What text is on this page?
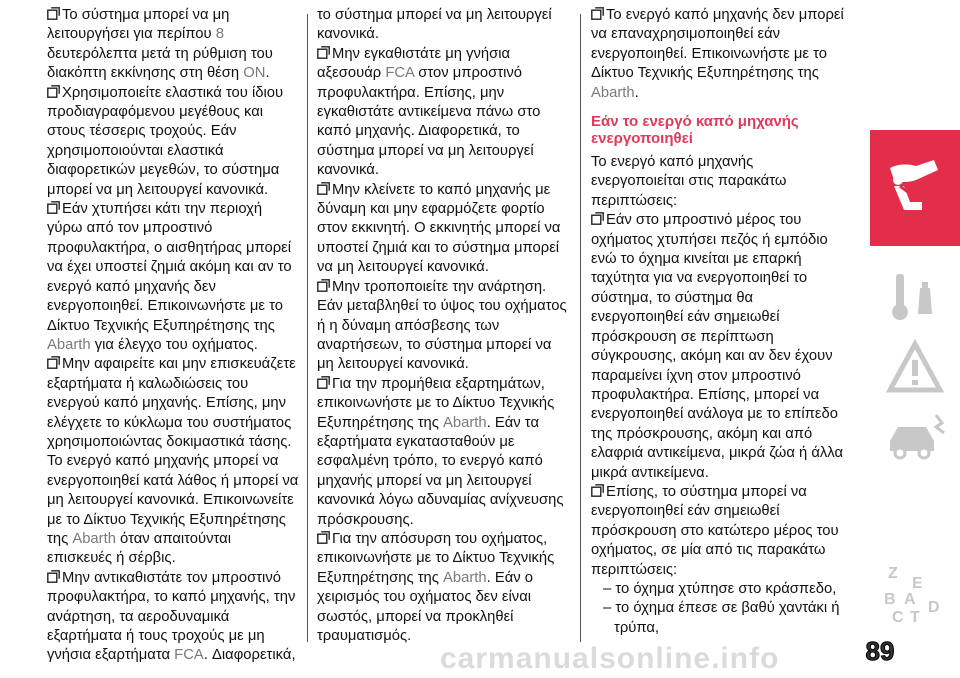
Το σύστημα μπορεί να μη λειτουργήσει για περίπου 8 δευτερόλεπτα μετά τη ρύθμιση του διακόπτη εκκίνησης στη θέση ON.

Χρησιμοποιείτε ελαστικά του ίδιου προδιαγραφόμενου μεγέθους και στους τέσσερις τροχούς. Εάν χρησιμοποιούνται ελαστικά διαφορετικών μεγεθών, το σύστημα μπορεί να μη λειτουργεί κανονικά.

Εάν χτυπήσει κάτι την περιοχή γύρω από τον μπροστινό προφυλακτήρα, ο αισθητήρας μπορεί να έχει υποστεί ζημιά ακόμη και αν το ενεργό καπό μηχανής δεν ενεργοποιηθεί. Επικοινωνήστε με το Δίκτυο Τεχνικής Εξυπηρέτησης της Abarth για έλεγχο του οχήματος.

Μην αφαιρείτε και μην επισκευάζετε εξαρτήματα ή καλωδιώσεις του ενεργού καπό μηχανής. Επίσης, μην ελέγχετε το κύκλωμα του συστήματος χρησιμοποιώντας δοκιμαστικά τάσης. Το ενεργό καπό μηχανής μπορεί να ενεργοποιηθεί κατά λάθος ή μπορεί να μη λειτουργεί κανονικά. Επικοινωνείτε με το Δίκτυο Τεχνικής Εξυπηρέτησης της Abarth όταν απαιτούνται επισκευές ή σέρβις.

Μην αντικαθιστάτε τον μπροστινό προφυλακτήρα, το καπό μηχανής, την ανάρτηση, τα αεροδυναμικά εξαρτήματα ή τους τροχούς με μη γνήσια εξαρτήματα FCA. Διαφορετικά,

το σύστημα μπορεί να μη λειτουργεί κανονικά.

Μην εγκαθιστάτε μη γνήσια αξεσουάρ FCA στον μπροστινό προφυλακτήρα. Επίσης, μην εγκαθιστάτε αντικείμενα πάνω στο καπό μηχανής. Διαφορετικά, το σύστημα μπορεί να μη λειτουργεί κανονικά.

Μην κλείνετε το καπό μηχανής με δύναμη και μην εφαρμόζετε φορτίο στον εκκινητή. Ο εκκινητής μπορεί να υποστεί ζημιά και το σύστημα μπορεί να μη λειτουργεί κανονικά.

Μην τροποποιείτε την ανάρτηση. Εάν μεταβληθεί το ύψος του οχήματος ή η δύναμη απόσβεσης των αναρτήσεων, το σύστημα μπορεί να μη λειτουργεί κανονικά.

Για την προμήθεια εξαρτημάτων, επικοινωνήστε με το Δίκτυο Τεχνικής Εξυπηρέτησης της Abarth. Εάν τα εξαρτήματα εγκατασταθούν με εσφαλμένη τρόπο, το ενεργό καπό μηχανής μπορεί να μη λειτουργεί κανονικά λόγω αδυναμίας ανίχνευσης πρόσκρουσης.

Για την απόσυρση του οχήματος, επικοινωνήστε με το Δίκτυο Τεχνικής Εξυπηρέτησης της Abarth. Εάν ο χειρισμός του οχήματος δεν είναι σωστός, μπορεί να προκληθεί τραυματισμός.

Το ενεργό καπό μηχανής δεν μπορεί να επαναχρησιμοποιηθεί εάν ενεργοποιηθεί. Επικοινωνήστε με το Δίκτυο Τεχνικής Εξυπηρέτησης της Abarth.

Εάν το ενεργό καπό μηχανής ενεργοποιηθεί

Το ενεργό καπό μηχανής ενεργοποιείται στις παρακάτω περιπτώσεις:

Εάν στο μπροστινό μέρος του οχήματος χτυπήσει πεζός ή εμπόδιο ενώ το όχημα κινείται με επαρκή ταχύτητα για να ενεργοποιηθεί το σύστημα, το σύστημα θα ενεργοποιηθεί εάν σημειωθεί πρόσκρουση σε περίπτωση σύγκρουσης, ακόμη και αν δεν έχουν παραμείνει ίχνη στον μπροστινό προφυλακτήρα. Επίσης, μπορεί να ενεργοποιηθεί ανάλογα με το επίπεδο της πρόσκρουσης, ακόμη και από ελαφριά αντικείμενα, μικρά ζώα ή άλλα μικρά αντικείμενα.

Επίσης, το σύστημα μπορεί να ενεργοποιηθεί εάν σημειωθεί πρόσκρουση στο κατώτερο μέρος του οχήματος, σε μία από τις παρακάτω περιπτώσεις:

– το όχημα χτύπησε στο κράσπεδο,

– το όχημα έπεσε σε βαθύ χαντάκι ή

τρύπα,

Z
E
B A
C T
D
carmanualsonline.info	89
